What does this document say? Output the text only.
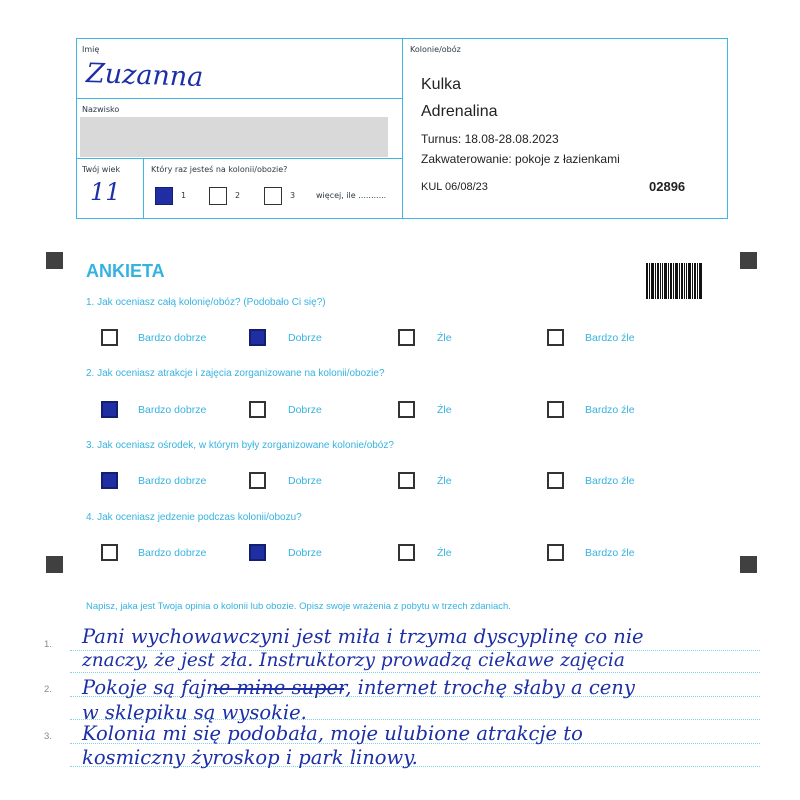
Imię
Zuzanna
Nazwisko
Twój wiek
11
Który raz jesteś na kolonii/obozie?
1	2	3	więcej, ile ...........
Kolonie/obóz
Kulka
Adrenalina
Turnus: 18.08-28.08.2023
Zakwaterowanie: pokoje z łazienkami
KUL 06/08/23	02896
ANKIETA
1. Jak oceniasz całą kolonię/obóz? (Podobało Ci się?)
Bardzo dobrze	Dobrze	Źle	Bardzo źle
2. Jak oceniasz atrakcje i zajęcia zorganizowane na kolonii/obozie?
Bardzo dobrze	Dobrze	Źle	Bardzo źle
3. Jak oceniasz ośrodek, w którym były zorganizowane kolonie/obóz?
Bardzo dobrze	Dobrze	Źle	Bardzo źle
4. Jak oceniasz jedzenie podczas kolonii/obozu?
Bardzo dobrze	Dobrze	Źle	Bardzo źle
Napisz, jaka jest Twoja opinia o kolonii lub obozie. Opisz swoje wrażenia z pobytu w trzech zdaniach.
1.
2.
3.
Pani wychowawczyni jest miła i trzyma dyscyplinę co nie
znaczy, że jest zła. Instruktorzy prowadzą ciekawe zajęcia
Pokoje są fajne mine super, internet trochę słaby a ceny
w sklepiku są wysokie.
Kolonia mi się podobała, moje ulubione atrakcje to
kosmiczny żyroskop i park linowy.
